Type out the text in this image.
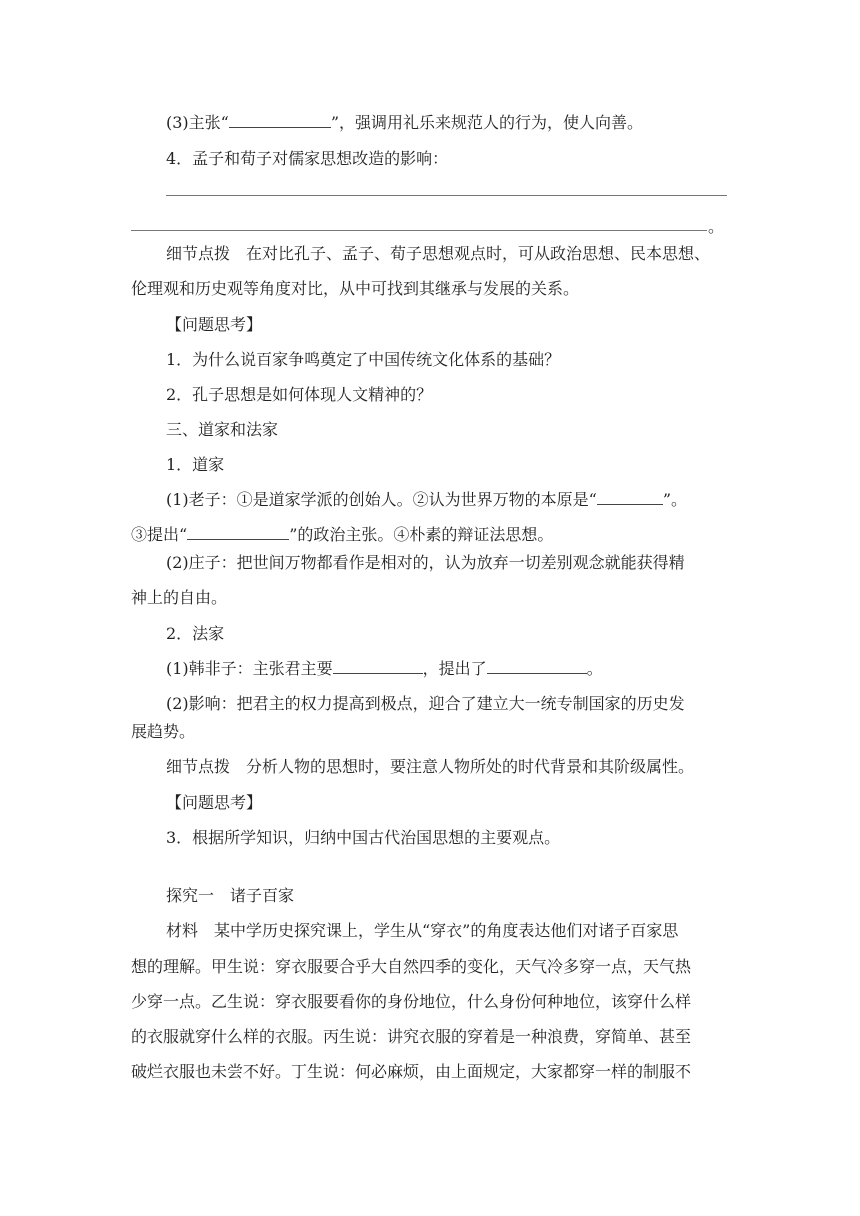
(3)主张“	”，强调用礼乐来规范人的行为，使人向善。
4．孟子和荀子对儒家思想改造的影响：
。
细节点拨　在对比孔子、孟子、荀子思想观点时，可从政治思想、民本思想、
伦理观和历史观等角度对比，从中可找到其继承与发展的关系。
【问题思考】
1．为什么说百家争鸣奠定了中国传统文化体系的基础？
2．孔子思想是如何体现人文精神的？
三、道家和法家
1．道家
(1)老子：①是道家学派的创始人。②认为世界万物的本原是“	”。
③提出“	”的政治主张。④朴素的辩证法思想。
(2)庄子：把世间万物都看作是相对的，认为放弃一切差别观念就能获得精
神上的自由。
2．法家
(1)韩非子：主张君主要	，提出了	。
(2)影响：把君主的权力提高到极点，迎合了建立大一统专制国家的历史发
展趋势。
细节点拨　分析人物的思想时，要注意人物所处的时代背景和其阶级属性。
【问题思考】
3．根据所学知识，归纳中国古代治国思想的主要观点。
探究一　诸子百家
材料　某中学历史探究课上，学生从“穿衣”的角度表达他们对诸子百家思
想的理解。甲生说：穿衣服要合乎大自然四季的变化，天气冷多穿一点，天气热
少穿一点。乙生说：穿衣服要看你的身份地位，什么身份何种地位，该穿什么样
的衣服就穿什么样的衣服。丙生说：讲究衣服的穿着是一种浪费，穿简单、甚至
破烂衣服也未尝不好。丁生说：何必麻烦，由上面规定，大家都穿一样的制服不
